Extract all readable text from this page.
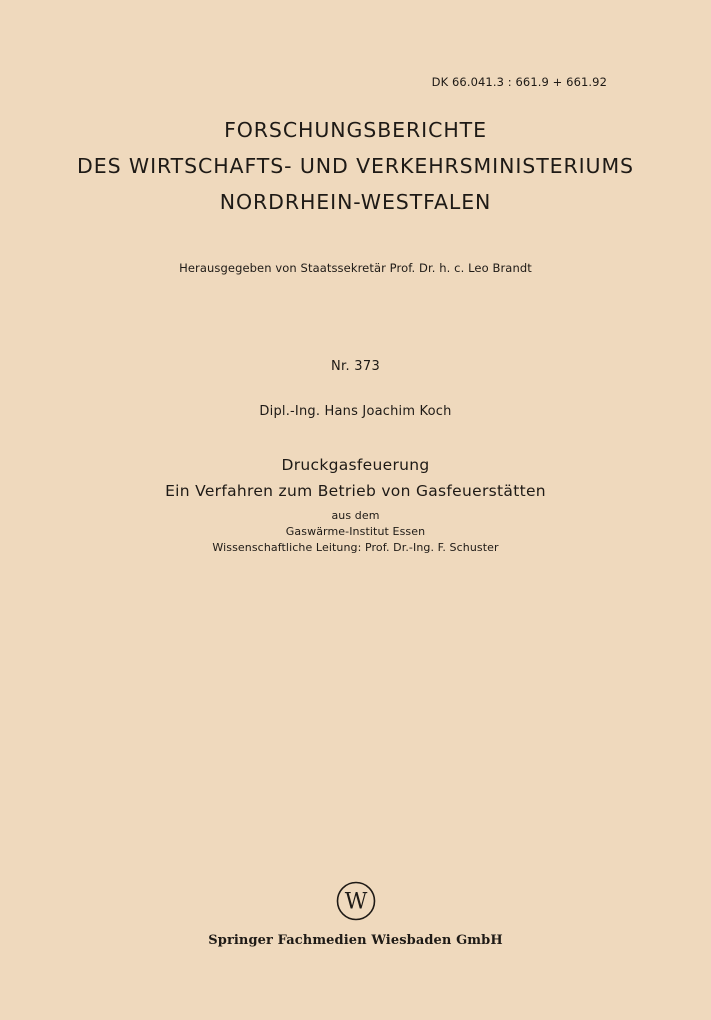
DK 66.041.3 : 661.9 + 661.92
FORSCHUNGSBERICHTE
DES WIRTSCHAFTS- UND VERKEHRSMINISTERIUMS
NORDRHEIN-WESTFALEN
Herausgegeben von Staatssekretär Prof. Dr. h. c. Leo Brandt
Nr. 373
Dipl.-Ing. Hans Joachim Koch
Druckgasfeuerung
Ein Verfahren zum Betrieb von Gasfeuerstätten
aus dem
Gaswärme-Institut Essen
Wissenschaftliche Leitung: Prof. Dr.-Ing. F. Schuster
W
Springer Fachmedien Wiesbaden GmbH
